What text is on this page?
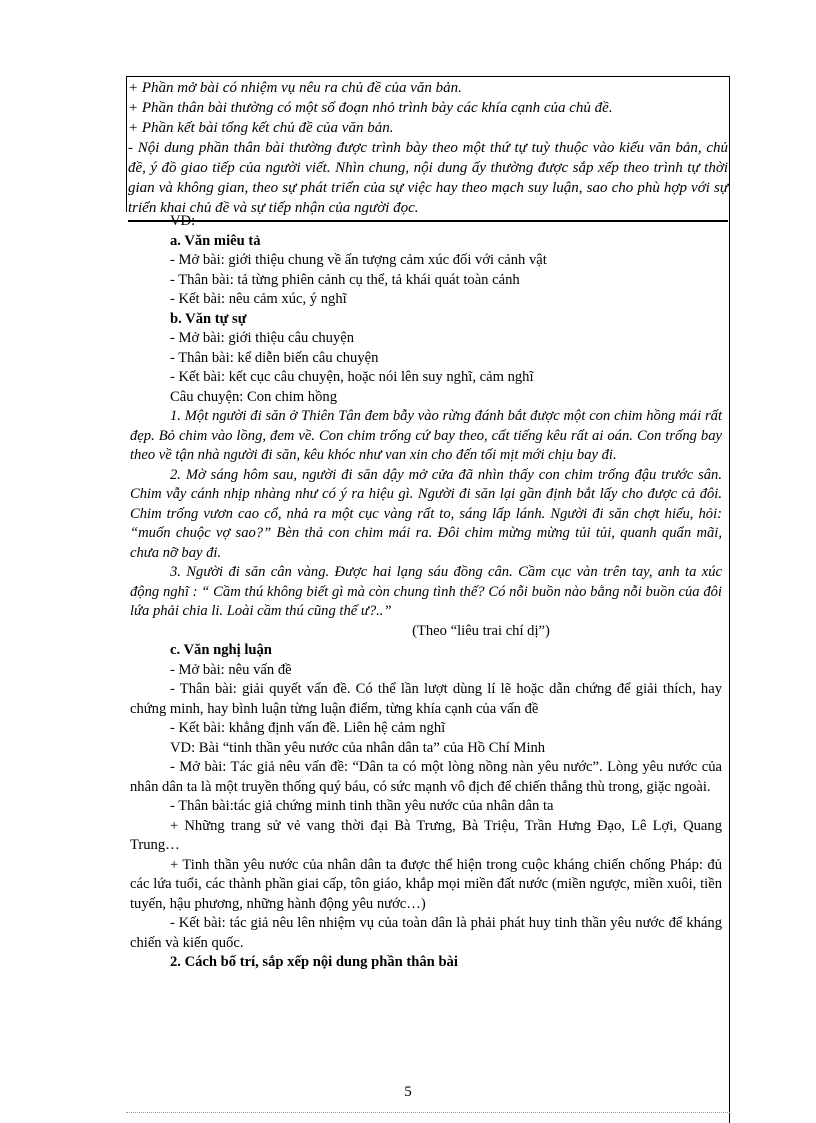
+ Phần mở bài có nhiệm vụ nêu ra chủ đề của văn bản.

+ Phần thân bài thường có một số đoạn nhỏ trình bày các khía cạnh của chủ đề.

+ Phần kết bài tổng kết chủ đề của văn bản.

- Nội dung phần thân bài thường được trình bày theo một thứ tự tuỳ thuộc vào kiểu văn bản, chủ đề, ý đồ giao tiếp của người viết. Nhìn chung, nội dung ấy thường được sắp xếp theo trình tự thời gian và không gian, theo sự phát triển của sự việc hay theo mạch suy luận, sao cho phù hợp với sự triển khai chủ đề và sự tiếp nhận của người đọc.

VD:

a. Văn miêu tả

- Mở bài: giới thiệu chung về ấn tượng cảm xúc đối với cảnh vật

- Thân bài: tả từng phiên cảnh cụ thể, tả khái quát toàn cảnh

- Kết bài: nêu cảm xúc, ý nghĩ

b. Văn tự sự

- Mở bài: giới thiệu câu chuyện

- Thân bài: kể diễn biến câu chuyện

- Kết bài: kết cục câu chuyện, hoặc nói lên suy nghĩ, cảm nghĩ

Câu chuyện: Con chim hồng

1. Một người đi săn ở Thiên Tân đem bẫy vào rừng đánh bắt được một con chim hồng mái rất đẹp. Bỏ chim vào lồng, đem về. Con chim trống cứ bay theo, cất tiếng kêu rất ai oán. Con trống bay theo về tận nhà người đi săn, kêu khóc như van xin cho đến tối mịt mới chịu bay đi.

2. Mờ sáng hôm sau, người đi săn dậy mở cửa đã nhìn thấy con chim trống đậu trước sân. Chim vẫy cánh nhịp nhàng như có ý ra hiệu gì. Người đi săn lại gần định bắt lấy cho được cả đôi. Chim trống vươn cao cổ, nhả ra một cục vàng rất to, sáng lấp lánh. Người đi săn chợt hiểu, hỏi: “muốn chuộc vợ sao?” Bèn thả con chim mái ra. Đôi chim mừng mừng tủi tủi, quanh quẩn mãi, chưa nỡ bay đi.

3. Người đi săn cân vàng. Được hai lạng sáu đồng cân. Cầm cục vàn trên tay, anh ta xúc động nghĩ : “ Cầm thú không biết gì mà còn chung tình thế? Có nỗi buồn nào bằng nỗi buồn của đôi lứa phải chia li. Loài cầm thú cũng thế ư?..”

(Theo “liêu trai chí dị”)

c. Văn nghị luận

- Mở bài: nêu vấn đề

- Thân bài: giải quyết vấn đề. Có thể lần lượt dùng lí lẽ hoặc dẫn chứng để giải thích, hay chứng minh, hay bình luận từng luận điểm, từng khía cạnh của vấn đề

- Kết bài: khẳng định vấn đề. Liên hệ cảm nghĩ

VD: Bài “tinh thần yêu nước của nhân dân ta” của Hồ Chí Minh

- Mở bài: Tác giả nêu vấn đề: “Dân ta có một lòng nồng nàn yêu nước”. Lòng yêu nước của nhân dân ta là một truyền thống quý báu, có sức mạnh vô địch để chiến thắng thù trong, giặc ngoài.

- Thân bài:tác giả chứng minh tinh thần yêu nước của nhân dân ta

+ Những trang sử vẻ vang thời đại Bà Trưng, Bà Triệu, Trần Hưng Đạo, Lê Lợi, Quang Trung…

+ Tinh thần yêu nước của nhân dân ta được thể hiện trong cuộc kháng chiến chống Pháp: đủ các lứa tuổi, các thành phần giai cấp, tôn giáo, khắp mọi miền đất nước (miền ngược, miền xuôi, tiền tuyến, hậu phương, những hành động yêu nước…)

- Kết bài: tác giả nêu lên nhiệm vụ của toàn dân là phải phát huy tinh thần yêu nước để kháng chiến và kiến quốc.

2. Cách bố trí, sắp xếp nội dung phần thân bài

5
